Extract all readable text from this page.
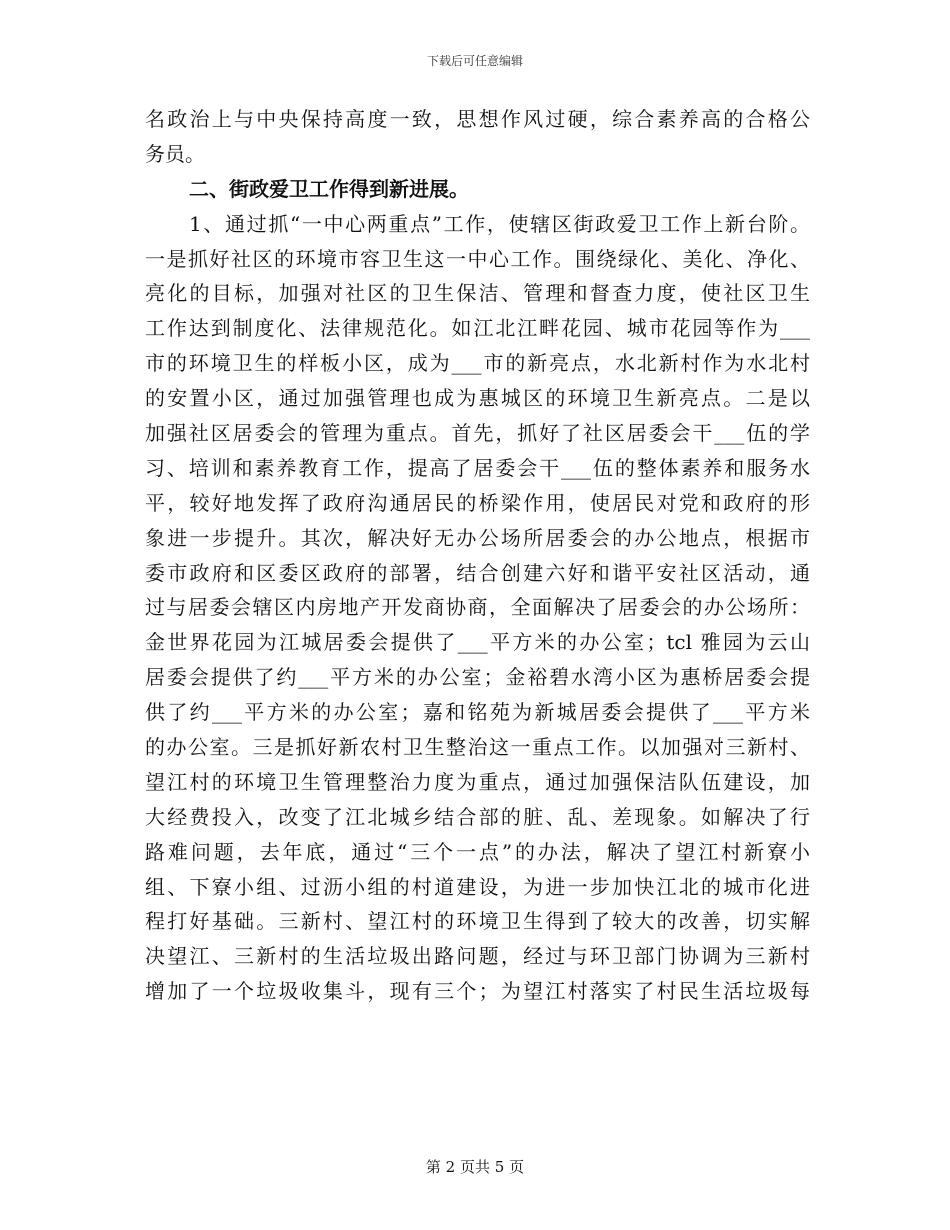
下载后可任意编辑
名政治上与中央保持高度一致，思想作风过硬，综合素养高的合格公
务员。
二、街政爱卫工作得到新进展。
1、通过抓“一中心两重点”工作，使辖区街政爱卫工作上新台阶。
一是抓好社区的环境市容卫生这一中心工作。围绕绿化、美化、净化、
亮化的目标，加强对社区的卫生保洁、管理和督查力度，使社区卫生
工作达到制度化、法律规范化。如江北江畔花园、城市花园等作为___
市的环境卫生的样板小区，成为___市的新亮点，水北新村作为水北村
的安置小区，通过加强管理也成为惠城区的环境卫生新亮点。二是以
加强社区居委会的管理为重点。首先，抓好了社区居委会干___伍的学
习、培训和素养教育工作，提高了居委会干___伍的整体素养和服务水
平，较好地发挥了政府沟通居民的桥梁作用，使居民对党和政府的形
象进一步提升。其次，解决好无办公场所居委会的办公地点，根据市
委市政府和区委区政府的部署，结合创建六好和谐平安社区活动，通
过与居委会辖区内房地产开发商协商，全面解决了居委会的办公场所：
金世界花园为江城居委会提供了___平方米的办公室；tcl 雅园为云山
居委会提供了约___平方米的办公室；金裕碧水湾小区为惠桥居委会提
供了约___平方米的办公室；嘉和铭苑为新城居委会提供了___平方米
的办公室。三是抓好新农村卫生整治这一重点工作。以加强对三新村、
望江村的环境卫生管理整治力度为重点，通过加强保洁队伍建设，加
大经费投入，改变了江北城乡结合部的脏、乱、差现象。如解决了行
路难问题，去年底，通过“三个一点”的办法，解决了望江村新寮小
组、下寮小组、过沥小组的村道建设，为进一步加快江北的城市化进
程打好基础。三新村、望江村的环境卫生得到了较大的改善，切实解
决望江、三新村的生活垃圾出路问题，经过与环卫部门协调为三新村
增加了一个垃圾收集斗，现有三个；为望江村落实了村民生活垃圾每
第 2 页共 5 页
